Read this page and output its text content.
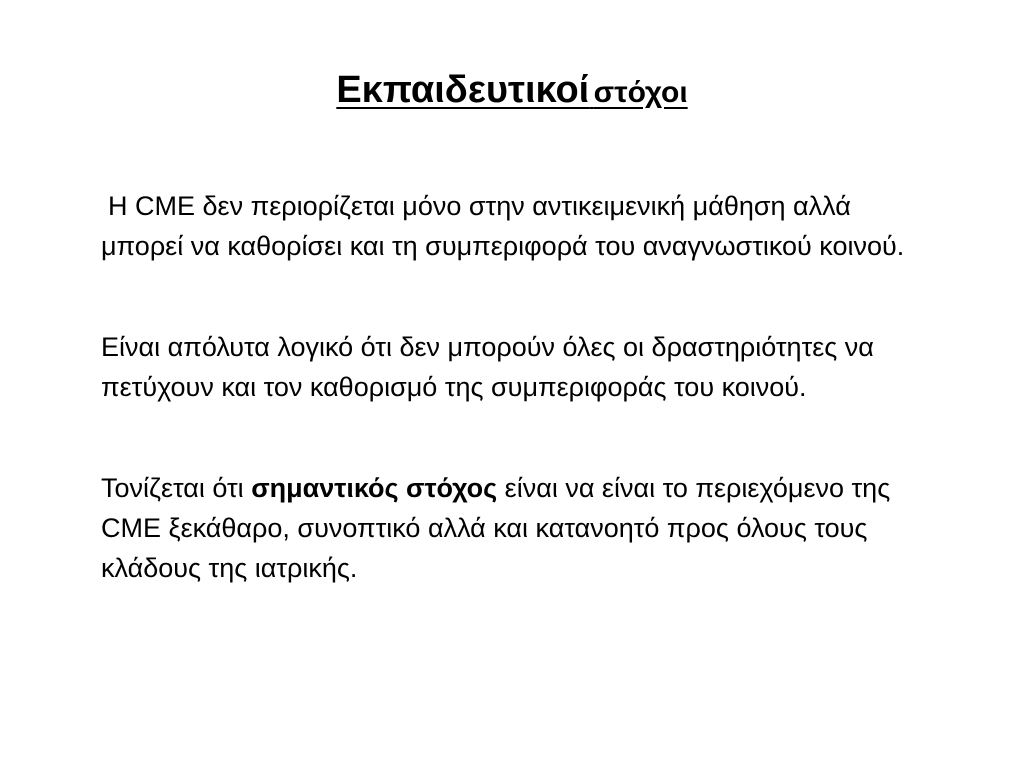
Εκπαιδευτικοί στόχοι

Η CME δεν περιορίζεται μόνο στην αντικειμενική μάθηση αλλά μπορεί να καθορίσει και τη συμπεριφορά του αναγνωστικού κοινού.

Είναι απόλυτα λογικό ότι δεν μπορούν όλες οι δραστηριότητες να πετύχουν και τον καθορισμό της συμπεριφοράς του κοινού.

Τονίζεται ότι σημαντικός στόχος είναι να είναι το περιεχόμενο της CME ξεκάθαρο, συνοπτικό αλλά και κατανοητό προς όλους τους κλάδους της ιατρικής.
